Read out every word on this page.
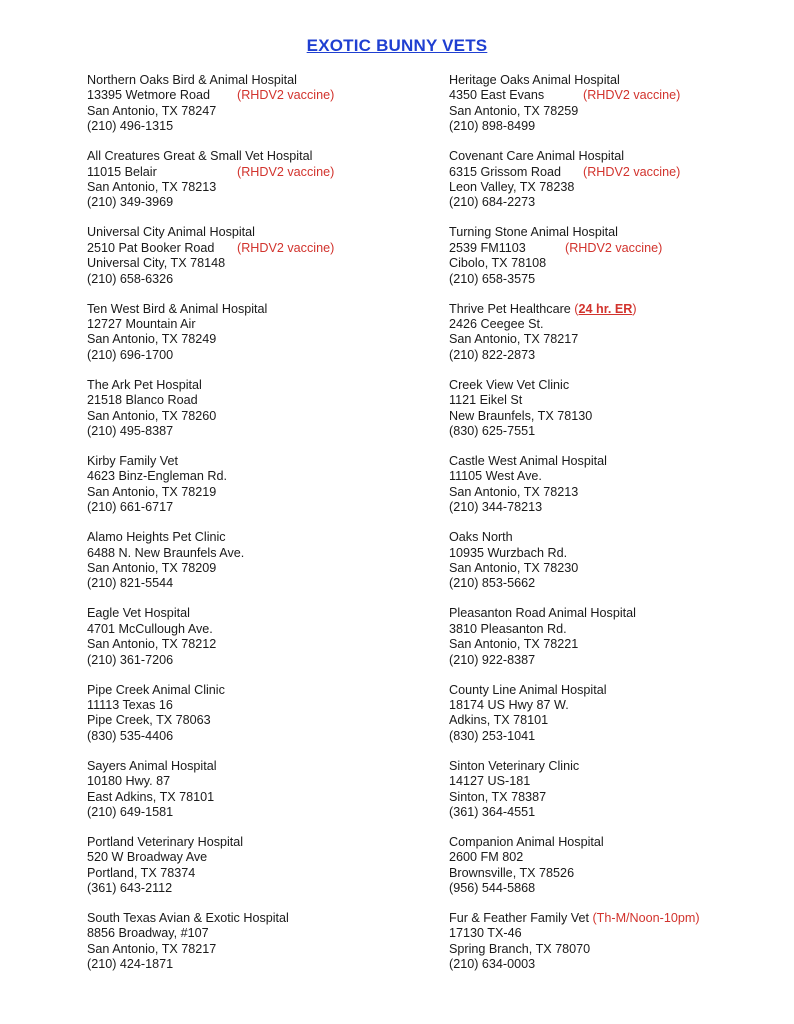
EXOTIC BUNNY VETS
Northern Oaks Bird & Animal Hospital
13395 Wetmore Road (RHDV2 vaccine)
San Antonio, TX 78247
(210) 496-1315
All Creatures Great & Small Vet Hospital
11015 Belair	(RHDV2 vaccine)
San Antonio, TX 78213
(210) 349-3969
Universal City Animal Hospital
2510 Pat Booker Road (RHDV2 vaccine)
Universal City, TX 78148
(210) 658-6326
Ten West Bird & Animal Hospital
12727 Mountain Air
San Antonio, TX 78249
(210) 696-1700
The Ark Pet Hospital
21518 Blanco Road
San Antonio, TX 78260
(210) 495-8387
Kirby Family Vet
4623 Binz-Engleman Rd.
San Antonio, TX 78219
(210) 661-6717
Alamo Heights Pet Clinic
6488 N. New Braunfels Ave.
San Antonio, TX 78209
(210) 821-5544
Eagle Vet Hospital
4701 McCullough Ave.
San Antonio, TX 78212
(210) 361-7206
Pipe Creek Animal Clinic
11113 Texas 16
Pipe Creek, TX 78063
(830) 535-4406
Sayers Animal Hospital
10180 Hwy. 87
East Adkins, TX 78101
(210) 649-1581
Portland Veterinary Hospital
520 W Broadway Ave
Portland, TX 78374
(361) 643-2112
South Texas Avian & Exotic Hospital
8856 Broadway, #107
San Antonio, TX 78217
(210) 424-1871
Heritage Oaks Animal Hospital
4350 East Evans	(RHDV2 vaccine)
San Antonio, TX 78259
(210) 898-8499
Covenant Care Animal Hospital
6315 Grissom Road (RHDV2 vaccine)
Leon Valley, TX 78238
(210) 684-2273
Turning Stone Animal Hospital
2539 FM1103	(RHDV2 vaccine)
Cibolo, TX 78108
(210) 658-3575
Thrive Pet Healthcare (24 hr. ER)
2426 Ceegee St.
San Antonio, TX 78217
(210) 822-2873
Creek View Vet Clinic
1121 Eikel St
New Braunfels, TX 78130
(830) 625-7551
Castle West Animal Hospital
11105 West Ave.
San Antonio, TX 78213
(210) 344-78213
Oaks North
10935 Wurzbach Rd.
San Antonio, TX 78230
(210) 853-5662
Pleasanton Road Animal Hospital
3810 Pleasanton Rd.
San Antonio, TX 78221
(210) 922-8387
County Line Animal Hospital
18174 US Hwy 87 W.
Adkins, TX 78101
(830) 253-1041
Sinton Veterinary Clinic
14127 US-181
Sinton, TX 78387
(361) 364-4551
Companion Animal Hospital
2600 FM 802
Brownsville, TX 78526
(956) 544-5868
Fur & Feather Family Vet (Th-M/Noon-10pm)
17130 TX-46
Spring Branch, TX 78070
(210) 634-0003
